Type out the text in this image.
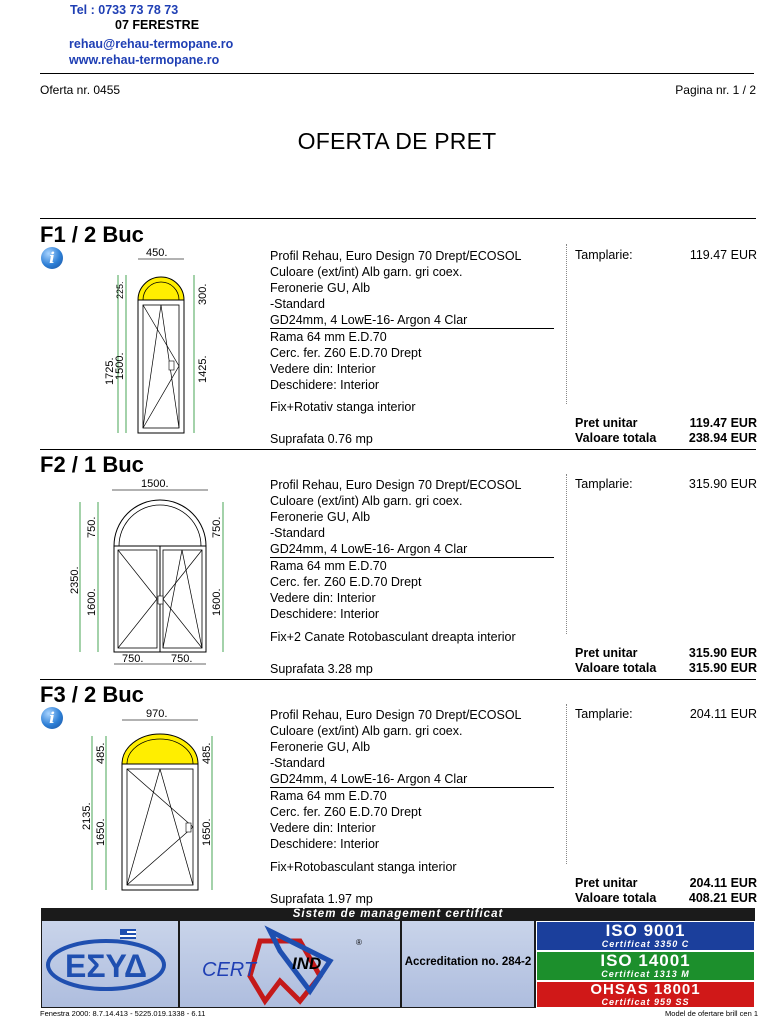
Tel : 0733 73 78 73
07 FERESTRE
rehau@rehau-termopane.ro
www.rehau-termopane.ro
Oferta nr. 0455	Pagina nr. 1 / 2
OFERTA DE PRET
F1 / 2 Buc
i	450.
1725.
225.
1500.
300.
1425.
Profil Rehau, Euro Design 70 Drept/ECOSOL
Culoare (ext/int) Alb garn. gri coex.
Feronerie GU, Alb
-Standard
GD24mm, 4 LowE-16- Argon 4 Clar
Rama 64 mm E.D.70
Cerc. fer. Z60 E.D.70 Drept
Vedere din: Interior
Deschidere: Interior
Fix+Rotativ stanga interior
Suprafata 0.76 mp
Tamplarie:	119.47 EUR
Pret unitar	119.47 EUR
Valoare totala	238.94 EUR
F2 / 1 Buc
1500.
2350.
750.
1600.
750.
1600.
750.	750.
Profil Rehau, Euro Design 70 Drept/ECOSOL
Culoare (ext/int) Alb garn. gri coex.
Feronerie GU, Alb
-Standard
GD24mm, 4 LowE-16- Argon 4 Clar
Rama 64 mm E.D.70
Cerc. fer. Z60 E.D.70 Drept
Vedere din: Interior
Deschidere: Interior
Fix+2 Canate Rotobasculant dreapta interior
Suprafata 3.28 mp
Tamplarie:	315.90 EUR
Pret unitar	315.90 EUR
Valoare totala	315.90 EUR
F3 / 2 Buc
i	970.
2135.
485.
1650.
485.
1650.
Profil Rehau, Euro Design 70 Drept/ECOSOL
Culoare (ext/int) Alb garn. gri coex.
Feronerie GU, Alb
-Standard
GD24mm, 4 LowE-16- Argon 4 Clar
Rama 64 mm E.D.70
Cerc. fer. Z60 E.D.70 Drept
Vedere din: Interior
Deschidere: Interior
Fix+Rotobasculant stanga interior
Suprafata 1.97 mp
Tamplarie:	204.11 EUR
Pret unitar	204.11 EUR
Valoare totala	408.21 EUR
Sistem de management certificat
ΕΣΥΔ	CERT IND
®
Accreditation no. 284-2
ISO 9001
Certificat 3350 C
ISO 14001
Certificat 1313 M
OHSAS 18001
Certificat 959 SS
Fenestra 2000: 8.7.14.413 - 5225.019.1338 - 6.11	Model de ofertare brill cen 1
